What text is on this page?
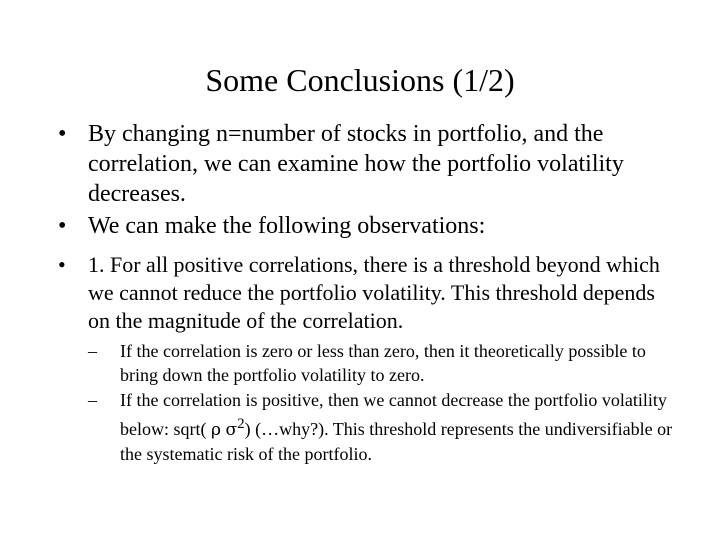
Some Conclusions (1/2)
• By changing n=number of stocks in portfolio, and the correlation, we can examine how the portfolio volatility decreases.
• We can make the following observations:
• 1. For all positive correlations, there is a threshold beyond which we cannot reduce the portfolio volatility. This threshold depends on the magnitude of the correlation.
– If the correlation is zero or less than zero, then it theoretically possible to bring down the portfolio volatility to zero.
– If the correlation is positive, then we cannot decrease the portfolio volatility below: sqrt( ρ $\sigma^2$) (…why?). This threshold represents the undiversifiable or the systematic risk of the portfolio.
